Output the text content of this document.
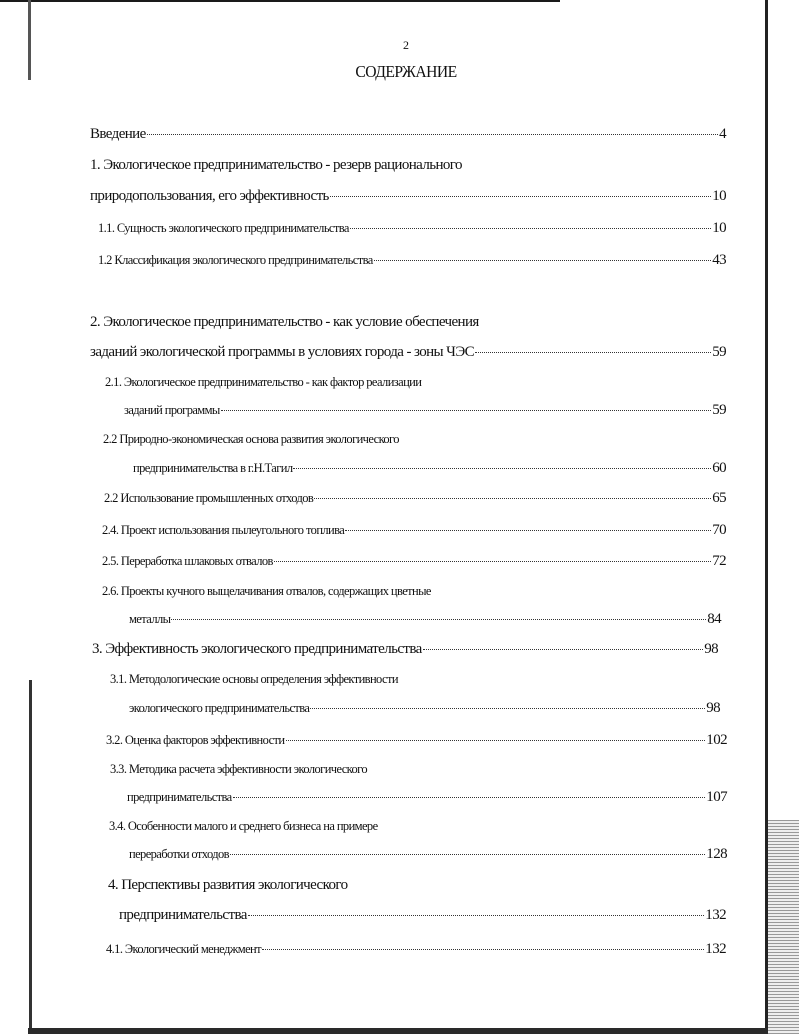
2
СОДЕРЖАНИЕ
Введение	4
1. Экологическое предпринимательство - резерв рационального
природопользования, его эффективность	10
1.1. Сущность экологического предпринимательства	10
1.2 Классификация экологического предпринимательства	43
2. Экологическое предпринимательство - как условие обеспечения
заданий экологической программы в условиях города - зоны ЧЭС	59
2.1. Экологическое предпринимательство - как фактор реализации
заданий программы	59
2.2 Природно-экономическая основа развития экологического
предпринимательства в г.Н.Тагил	60
2.2 Использование промышленных отходов	65
2.4. Проект использования пылеугольного топлива	70
2.5. Переработка шлаковых отвалов	72
2.6. Проекты кучного выщелачивания отвалов, содержащих цветные
металлы	84
3. Эффективность экологического предпринимательства	98
3.1. Методологические основы определения эффективности
экологического предпринимательства	98
3.2. Оценка факторов эффективности	102
3.3. Методика расчета эффективности экологического
предпринимательства	107
3.4. Особенности малого и среднего бизнеса на примере
переработки отходов	128
4. Перспективы развития экологического
предпринимательства	132
4.1. Экологический менеджмент	132
